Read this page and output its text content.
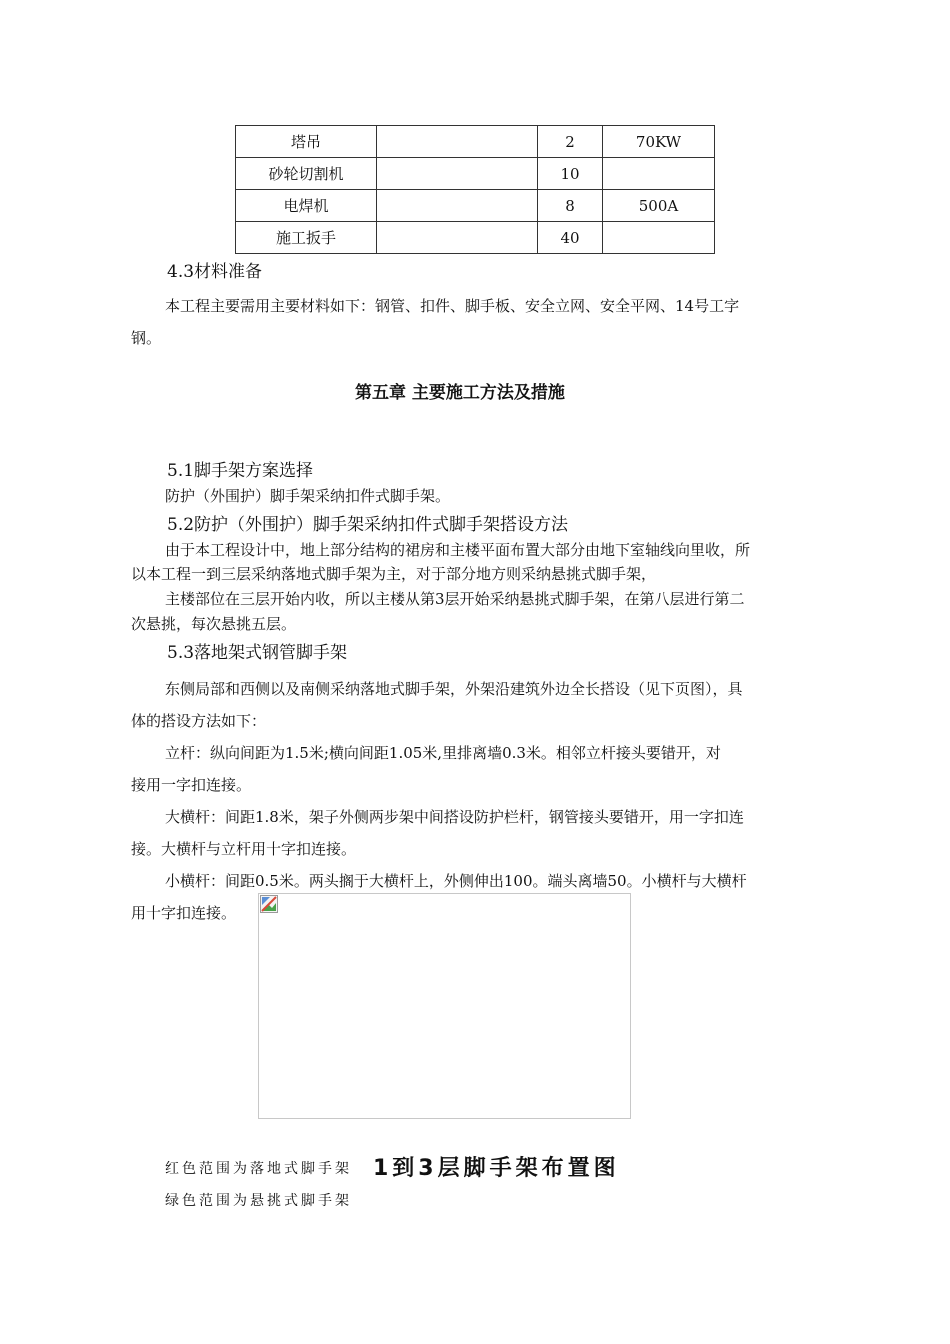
塔吊		2	70KW
砂轮切割机		10	
电焊机		8	500A
施工扳手		40	
4.3材料准备
本工程主要需用主要材料如下：钢管、扣件、脚手板、安全立网、安全平网、14号工字
钢。
第五章 主要施工方法及措施
5.1脚手架方案选择
防护（外围护）脚手架采纳扣件式脚手架。
5.2防护（外围护）脚手架采纳扣件式脚手架搭设方法
由于本工程设计中，地上部分结构的裙房和主楼平面布置大部分由地下室轴线向里收，所
以本工程一到三层采纳落地式脚手架为主，对于部分地方则采纳悬挑式脚手架，
主楼部位在三层开始内收，所以主楼从第3层开始采纳悬挑式脚手架，在第八层进行第二
次悬挑，每次悬挑五层。
5.3落地架式钢管脚手架
东侧局部和西侧以及南侧采纳落地式脚手架，外架沿建筑外边全长搭设（见下页图），具
体的搭设方法如下：
立杆：纵向间距为1.5米;横向间距1.05米,里排离墙0.3米。相邻立杆接头要错开，对
接用一字扣连接。
大横杆：间距1.8米，架子外侧两步架中间搭设防护栏杆，钢管接头要错开，用一字扣连
接。大横杆与立杆用十字扣连接。
小横杆：间距0.5米。两头搁于大横杆上，外侧伸出100。端头离墙50。小横杆与大横杆
用十字扣连接。
红色范围为落地式脚手架 1到3层脚手架布置图
绿色范围为悬挑式脚手架
